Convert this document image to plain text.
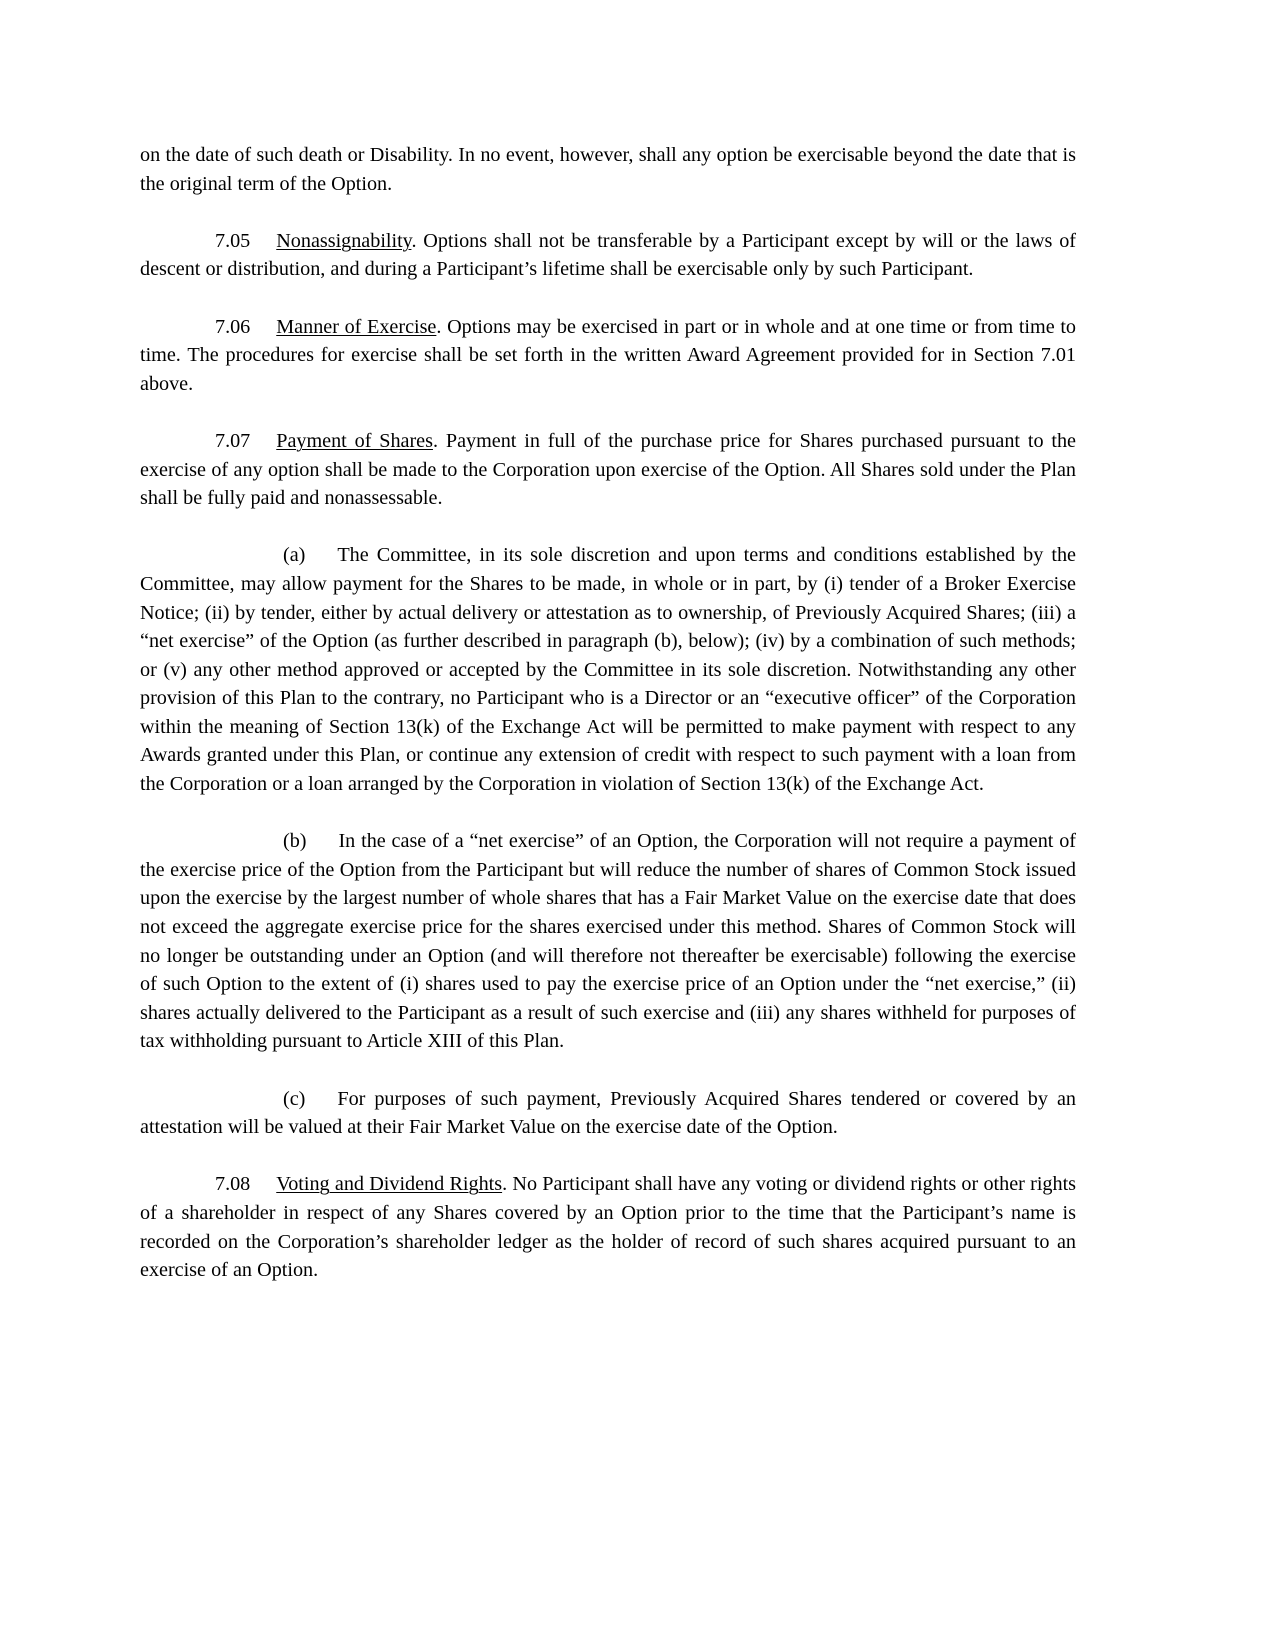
on the date of such death or Disability. In no event, however, shall any option be exercisable beyond the date that is the original term of the Option.

7.05 Nonassignability. Options shall not be transferable by a Participant except by will or the laws of descent or distribution, and during a Participant’s lifetime shall be exercisable only by such Participant.

7.06 Manner of Exercise. Options may be exercised in part or in whole and at one time or from time to time. The procedures for exercise shall be set forth in the written Award Agreement provided for in Section 7.01 above.

7.07 Payment of Shares. Payment in full of the purchase price for Shares purchased pursuant to the exercise of any option shall be made to the Corporation upon exercise of the Option. All Shares sold under the Plan shall be fully paid and nonassessable.

(a) The Committee, in its sole discretion and upon terms and conditions established by the Committee, may allow payment for the Shares to be made, in whole or in part, by (i) tender of a Broker Exercise Notice; (ii) by tender, either by actual delivery or attestation as to ownership, of Previously Acquired Shares; (iii) a “net exercise” of the Option (as further described in paragraph (b), below); (iv) by a combination of such methods; or (v) any other method approved or accepted by the Committee in its sole discretion. Notwithstanding any other provision of this Plan to the contrary, no Participant who is a Director or an “executive officer” of the Corporation within the meaning of Section 13(k) of the Exchange Act will be permitted to make payment with respect to any Awards granted under this Plan, or continue any extension of credit with respect to such payment with a loan from the Corporation or a loan arranged by the Corporation in violation of Section 13(k) of the Exchange Act.

(b) In the case of a “net exercise” of an Option, the Corporation will not require a payment of the exercise price of the Option from the Participant but will reduce the number of shares of Common Stock issued upon the exercise by the largest number of whole shares that has a Fair Market Value on the exercise date that does not exceed the aggregate exercise price for the shares exercised under this method. Shares of Common Stock will no longer be outstanding under an Option (and will therefore not thereafter be exercisable) following the exercise of such Option to the extent of (i) shares used to pay the exercise price of an Option under the “net exercise,” (ii) shares actually delivered to the Participant as a result of such exercise and (iii) any shares withheld for purposes of tax withholding pursuant to Article XIII of this Plan.

(c) For purposes of such payment, Previously Acquired Shares tendered or covered by an attestation will be valued at their Fair Market Value on the exercise date of the Option.

7.08 Voting and Dividend Rights. No Participant shall have any voting or dividend rights or other rights of a shareholder in respect of any Shares covered by an Option prior to the time that the Participant’s name is recorded on the Corporation’s shareholder ledger as the holder of record of such shares acquired pursuant to an exercise of an Option.
